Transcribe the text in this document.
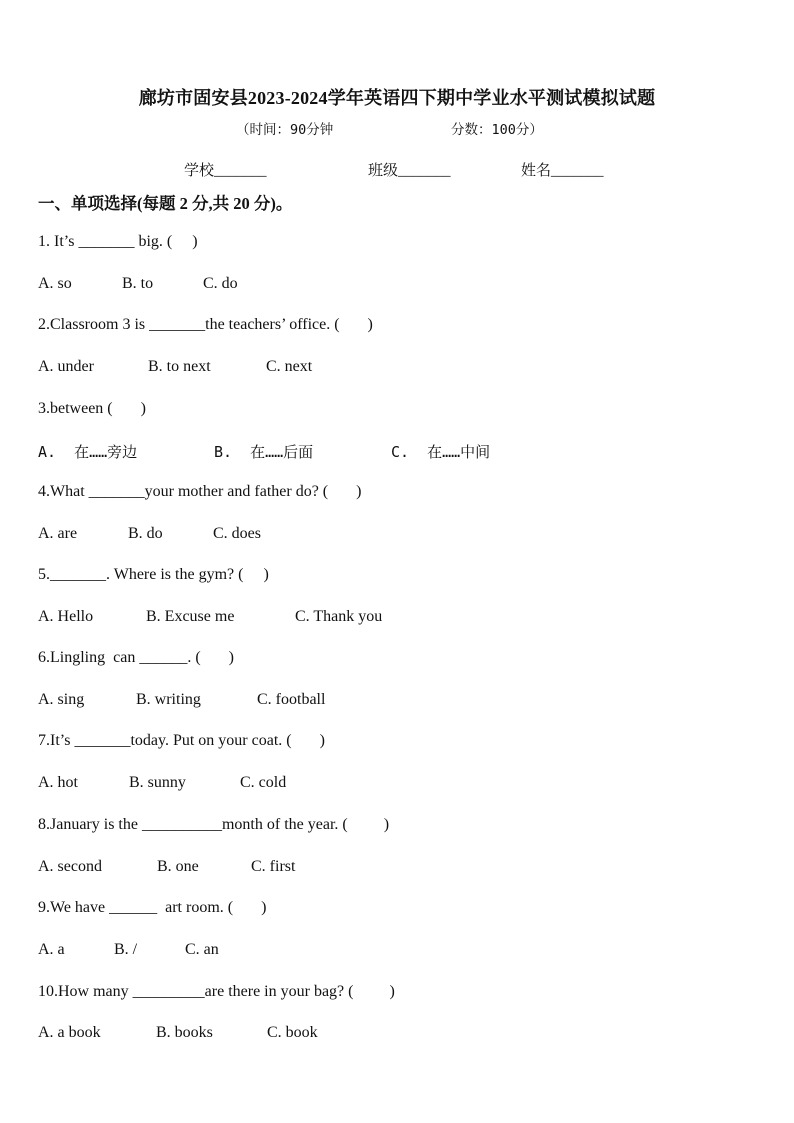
廊坊市固安县2023-2024学年英语四下期中学业水平测试模拟试题
（时间：90分钟	分数：100分）
学校_______	班级_______	姓名_______
一、单项选择(每题 2 分,共 20 分)。
1. It’s _______ big. (     )
A. so	B. to	C. do
2.Classroom 3 is _______the teachers’ office. (       )
A. under	B. to next	C. next
3.between (       )
A.  在……旁边	B.  在……后面	C.  在……中间
4.What _______your mother and father do? (       )
A. are	B. do	C. does
5._______. Where is the gym? (     )
A. Hello	B. Excuse me	C. Thank you
6.Lingling  can ______. (       )
A. sing	B. writing	C. football
7.It’s _______today. Put on your coat. (       )
A. hot	B. sunny	C. cold
8.January is the __________month of the year. (         )
A. second	B. one	C. first
9.We have ______  art room. (       )
A. a	B. /	C. an
10.How many _________are there in your bag? (         )
A. a book	B. books	C. book
